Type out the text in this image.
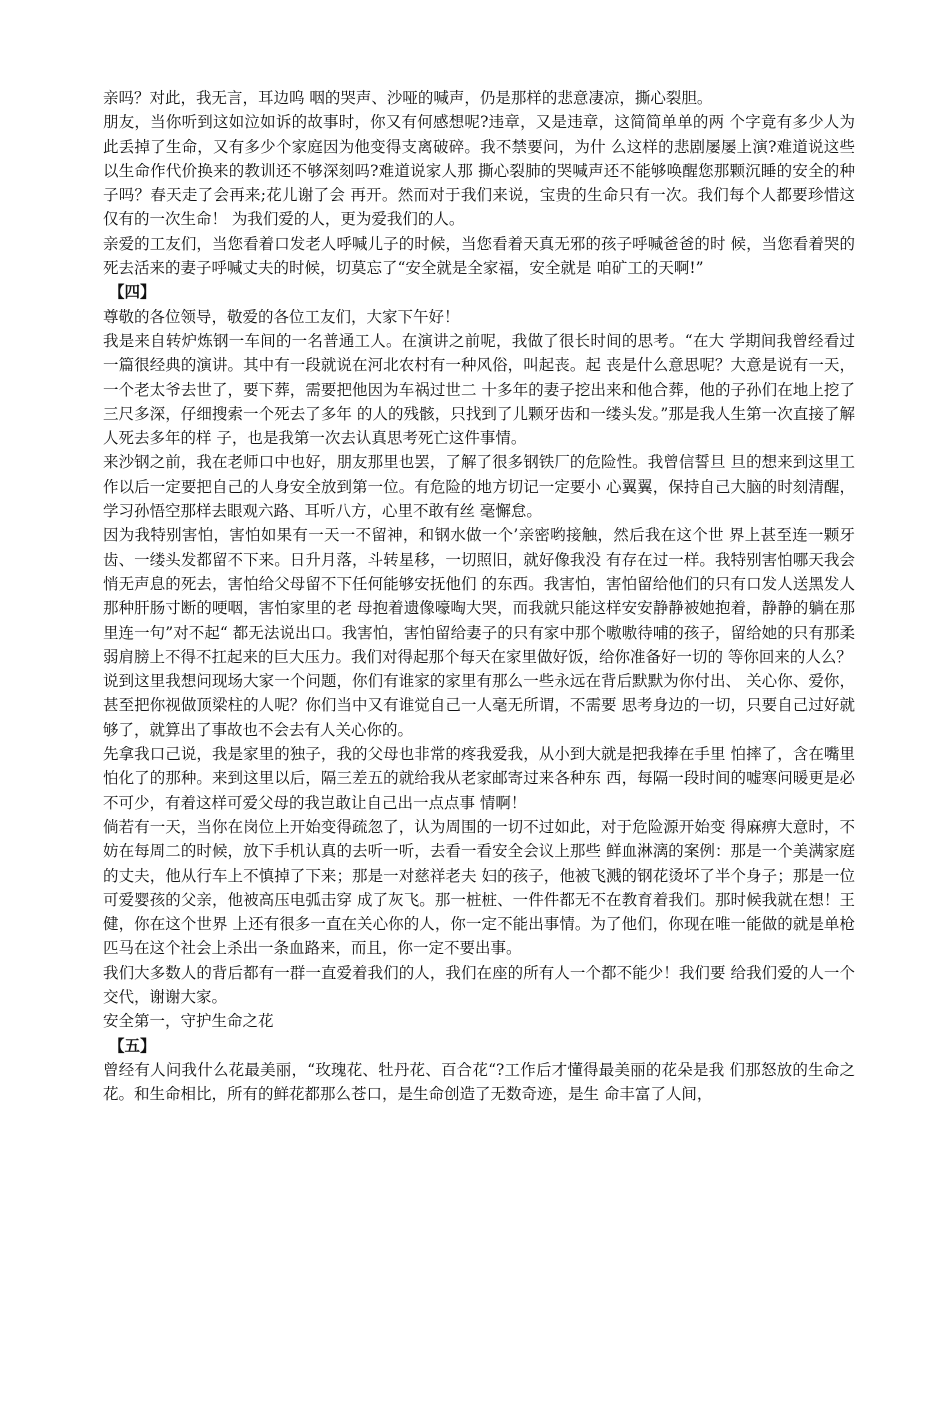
亲吗？对此，我无言，耳边呜 咽的哭声、沙哑的喊声，仍是那样的悲意凄凉，撕心裂胆。

朋友，当你听到这如泣如诉的故事时，你又有何感想呢?违章，又是违章，这简简单单的两 个字竟有多少人为此丢掉了生命，又有多少个家庭因为他变得支离破碎。我不禁要问，为什 么这样的悲剧屡屡上演?难道说这些以生命作代价换来的教训还不够深刻吗?难道说家人那 撕心裂肺的哭喊声还不能够唤醒您那颗沉睡的安全的种子吗？春天走了会再来;花儿谢了会 再开。然而对于我们来说，宝贵的生命只有一次。我们每个人都要珍惜这仅有的一次生命！ 为我们爱的人，更为爱我们的人。

亲爱的工友们，当您看着口发老人呼喊儿子的时候，当您看着天真无邪的孩子呼喊爸爸的时 候，当您看着哭的死去活来的妻子呼喊丈夫的时候，切莫忘了“安全就是全家福，安全就是 咱矿工的天啊!”

【四】

尊敬的各位领导，敬爱的各位工友们，大家下午好！

我是来自转炉炼钢一车间的一名普通工人。在演讲之前呢，我做了很长时间的思考。“在大 学期间我曾经看过一篇很经典的演讲。其中有一段就说在河北农村有一种风俗，叫起丧。起 丧是什么意思呢？大意是说有一天，一个老太爷去世了，要下葬，需要把他因为车祸过世二 十多年的妻子挖出来和他合葬，他的子孙们在地上挖了三尺多深，仔细搜索一个死去了多年 的人的残骸，只找到了儿颗牙齿和一缕头发。”那是我人生第一次直接了解人死去多年的样 子，也是我第一次去认真思考死亡这件事情。

来沙钢之前，我在老师口中也好，朋友那里也罢，了解了很多钢铁厂的危险性。我曾信誓旦 旦的想来到这里工作以后一定要把自己的人身安全放到第一位。有危险的地方切记一定要小 心翼翼，保持自己大脑的时刻清醒，学习孙悟空那样去眼观六路、耳听八方，心里不敢有丝 毫懈怠。

因为我特别害怕，害怕如果有一天一不留神，和钢水做一个’亲密哟接触，然后我在这个世 界上甚至连一颗牙齿、一缕头发都留不下来。日升月落，斗转星移，一切照旧，就好像我没 有存在过一样。我特别害怕哪天我会悄无声息的死去，害怕给父母留不下任何能够安抚他们 的东西。我害怕，害怕留给他们的只有口发人送黑发人那种肝肠寸断的哽咽，害怕家里的老 母抱着遗像嚎啕大哭，而我就只能这样安安静静被她抱着，静静的躺在那里连一句”对不起“ 都无法说出口。我害怕，害怕留给妻子的只有家中那个嗷嗷待哺的孩子，留给她的只有那柔 弱肩膀上不得不扛起来的巨大压力。我们对得起那个每天在家里做好饭，给你准备好一切的 等你回来的人么？

说到这里我想问现场大家一个问题，你们有谁家的家里有那么一些永远在背后默默为你付出、 关心你、爱你，甚至把你视做顶梁柱的人呢？你们当中又有谁觉自己一人毫无所谓，不需要 思考身边的一切，只要自己过好就够了，就算出了事故也不会去有人关心你的。

先拿我口己说，我是家里的独子，我的父母也非常的疼我爱我，从小到大就是把我捧在手里 怕摔了，含在嘴里怕化了的那种。来到这里以后，隔三差五的就给我从老家邮寄过来各种东 西，每隔一段时间的嘘寒问暖更是必不可少，有着这样可爱父母的我岂敢让自己出一点点事 情啊！

倘若有一天，当你在岗位上开始变得疏忽了，认为周围的一切不过如此，对于危险源开始变 得麻痹大意时，不妨在每周二的时候，放下手机认真的去听一听，去看一看安全会议上那些 鲜血淋漓的案例：那是一个美满家庭的丈夫，他从行车上不慎掉了下来；那是一对慈祥老夫 妇的孩子，他被飞溅的钢花烫坏了半个身子；那是一位可爱婴孩的父亲，他被高压电弧击穿 成了灰飞。那一桩桩、一件件都无不在教育着我们。那时候我就在想！王健，你在这个世界 上还有很多一直在关心你的人，你一定不能出事情。为了他们，你现在唯一能做的就是单枪 匹马在这个社会上杀出一条血路来，而且，你一定不要出事。

我们大多数人的背后都有一群一直爱着我们的人，我们在座的所有人一个都不能少！我们要 给我们爱的人一个交代，谢谢大家。

安全第一，守护生命之花

【五】

曾经有人问我什么花最美丽，“玫瑰花、牡丹花、百合花“?工作后才懂得最美丽的花朵是我 们那怒放的生命之花。和生命相比，所有的鲜花都那么苍口，是生命创造了无数奇迹，是生 命丰富了人间，
